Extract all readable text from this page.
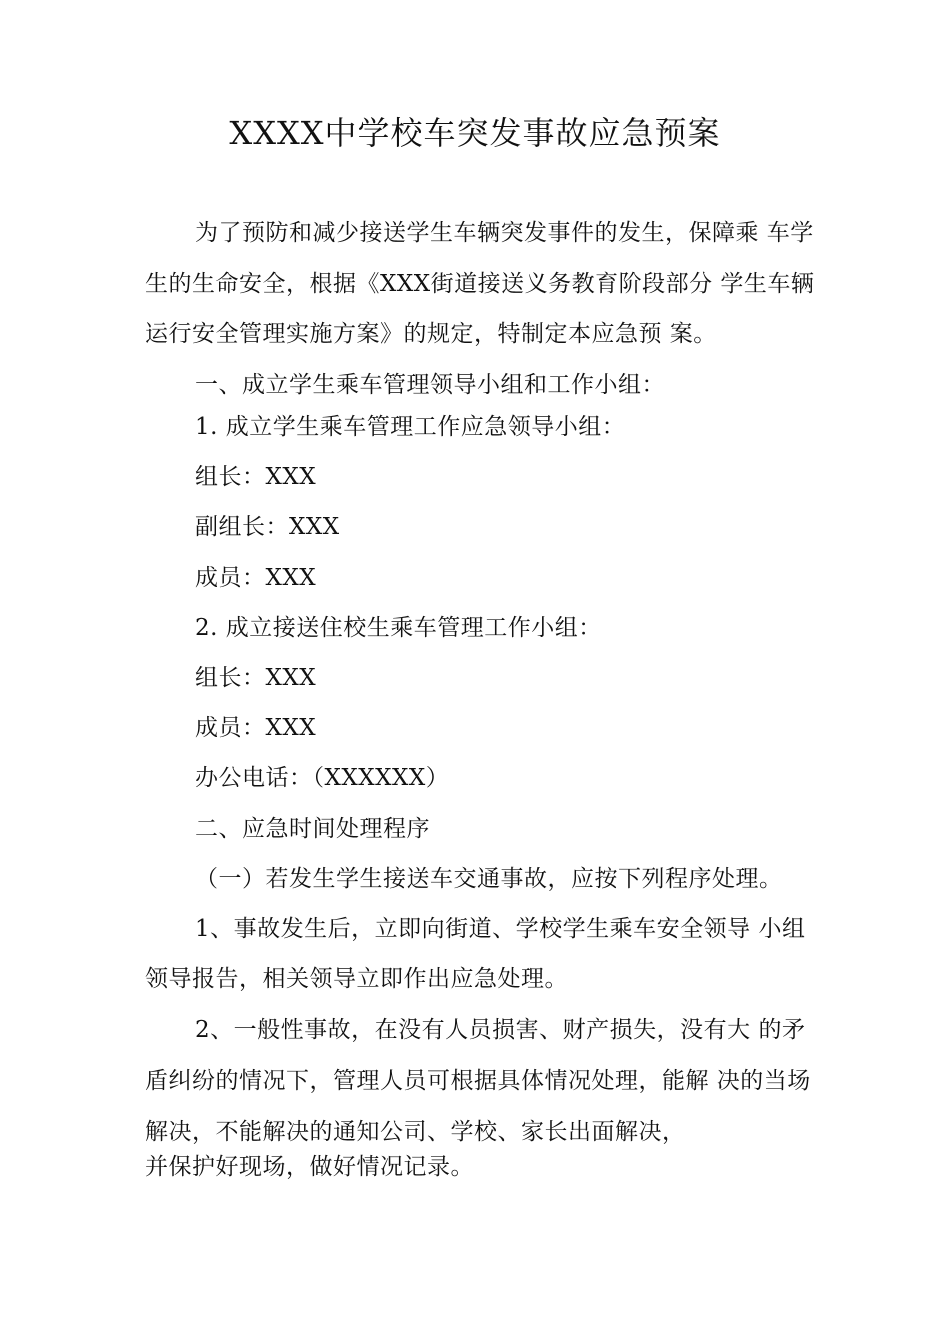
XXXX中学校车突发事故应急预案
为了预防和减少接送学生车辆突发事件的发生，保障乘 车学
生的生命安全，根据《XXX街道接送义务教育阶段部分 学生车辆
运行安全管理实施方案》的规定，特制定本应急预 案。
一、成立学生乘车管理领导小组和工作小组：
1. 成立学生乘车管理工作应急领导小组：
组长：XXX
副组长：XXX
成员：XXX
2. 成立接送住校生乘车管理工作小组：
组长：XXX
成员：XXX
办公电话：（XXXXXX）
二、应急时间处理程序
（一）若发生学生接送车交通事故，应按下列程序处理。
1、事故发生后，立即向街道、学校学生乘车安全领导 小组
领导报告，相关领导立即作出应急处理。
2、一般性事故，在没有人员损害、财产损失，没有大 的矛
盾纠纷的情况下，管理人员可根据具体情况处理，能解 决的当场
解决，不能解决的通知公司、学校、家长出面解决，
并保护好现场，做好情况记录。
